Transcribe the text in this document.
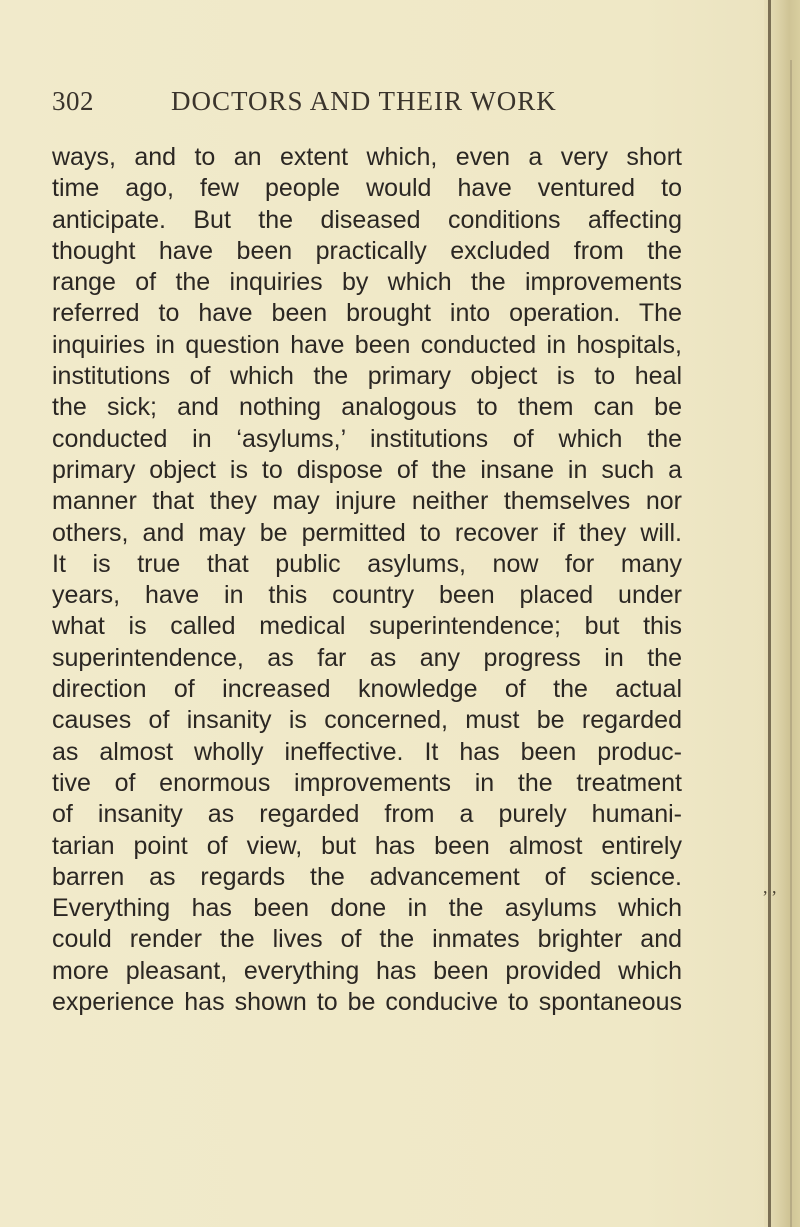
, ,
302	DOCTORS AND THEIR WORK
ways, and to an extent which, even a very short
time ago, few people would have ventured to
anticipate. But the diseased conditions affecting
thought have been practically excluded from the
range of the inquiries by which the improvements
referred to have been brought into operation. The
inquiries in question have been conducted in hospitals,
institutions of which the primary object is to heal
the sick; and nothing analogous to them can be
conducted in ‘asylums,’ institutions of which the
primary object is to dispose of the insane in such a
manner that they may injure neither themselves nor
others, and may be permitted to recover if they will.
It is true that public asylums, now for many
years, have in this country been placed under
what is called medical superintendence; but this
superintendence, as far as any progress in the
direction of increased knowledge of the actual
causes of insanity is concerned, must be regarded
as almost wholly ineffective. It has been produc-
tive of enormous improvements in the treatment
of insanity as regarded from a purely humani-
tarian point of view, but has been almost entirely
barren as regards the advancement of science.
Everything has been done in the asylums which
could render the lives of the inmates brighter and
more pleasant, everything has been provided which
experience has shown to be conducive to spontaneous
